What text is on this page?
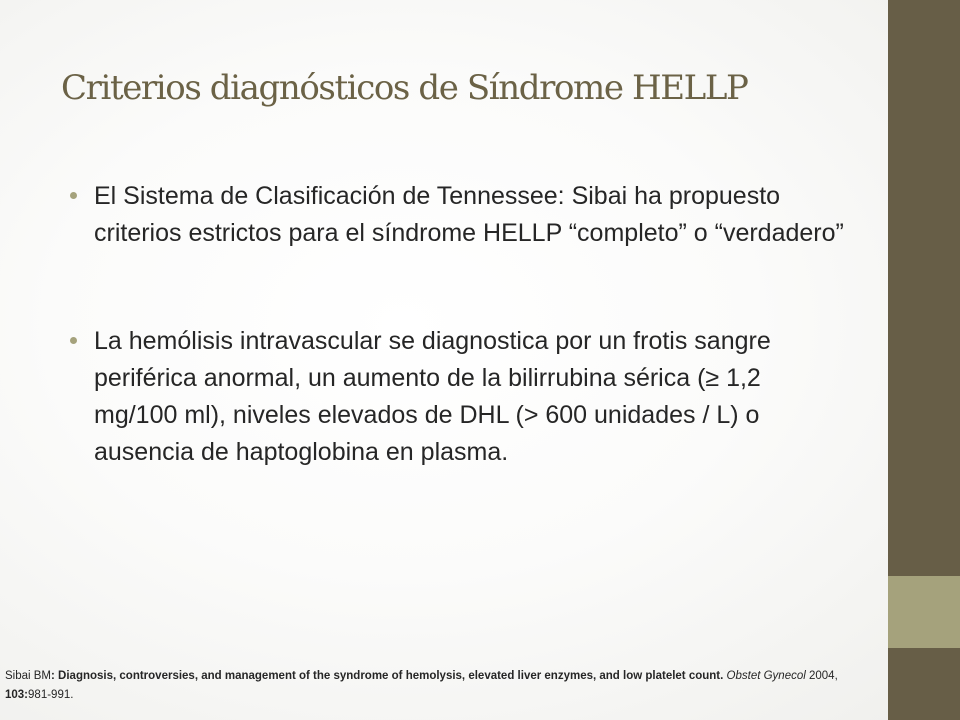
Criterios diagnósticos de Síndrome HELLP
El Sistema de Clasificación de Tennessee: Sibai ha propuesto criterios estrictos para el síndrome HELLP “completo” o “verdadero”
La hemólisis intravascular se diagnostica por un frotis sangre periférica anormal, un aumento de la bilirrubina sérica (≥ 1,2 mg/100 ml), niveles elevados de DHL (> 600 unidades / L) o ausencia de haptoglobina en plasma.

Sibai BM: Diagnosis, controversies, and management of the syndrome of hemolysis, elevated liver enzymes, and low platelet count. Obstet Gynecol 2004,  103:981-991.
